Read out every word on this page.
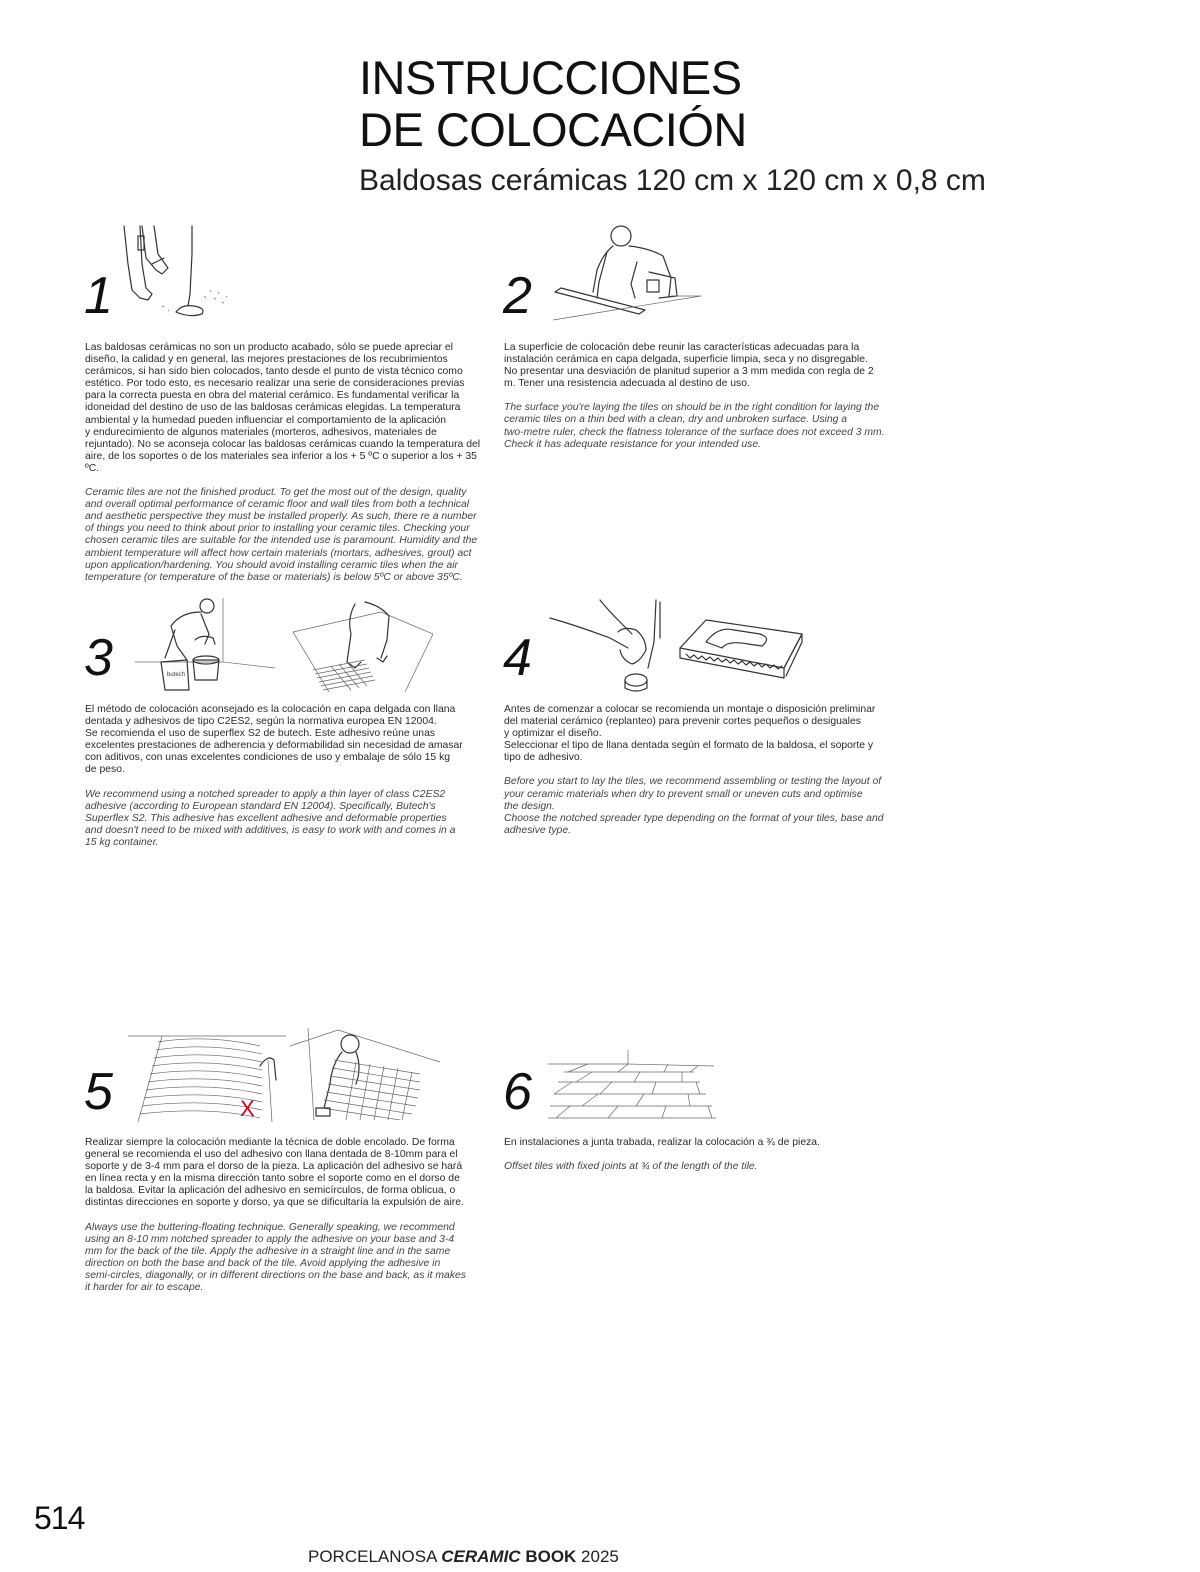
INSTRUCCIONES
DE COLOCACIÓN

Baldosas cerámicas 120 cm x 120 cm x 0,8 cm

1

Las baldosas cerámicas no son un producto acabado, sólo se puede apreciar el
diseño, la calidad y en general, las mejores prestaciones de los recubrimientos
cerámicos, si han sido bien colocados, tanto desde el punto de vista técnico como
estético. Por todo esto, es necesario realizar una serie de consideraciones previas
para la correcta puesta en obra del material cerámico. Es fundamental verificar la
idoneidad del destino de uso de las baldosas cerámicas elegidas. La temperatura
ambiental y la humedad pueden influenciar el comportamiento de la aplicación
y endurecimiento de algunos materiales (morteros, adhesivos, materiales de
rejuntado). No se aconseja colocar las baldosas cerámicas cuando la temperatura del
aire, de los soportes o de los materiales sea inferior a los + 5 ºC o superior a los + 35 ºC.

Ceramic tiles are not the finished product. To get the most out of the design, quality
and overall optimal performance of ceramic floor and wall tiles from both a technical
and aesthetic perspective they must be installed properly. As such, there re a number
of things you need to think about prior to installing your ceramic tiles. Checking your
chosen ceramic tiles are suitable for the intended use is paramount. Humidity and the
ambient temperature will affect how certain materials (mortars, adhesives, grout) act
upon application/hardening. You should avoid installing ceramic tiles when the air
temperature (or temperature of the base or materials) is below 5ºC or above 35ºC.

2

La superficie de colocación debe reunir las características adecuadas para la
instalación cerámica en capa delgada, superficie limpia, seca y no disgregable.
No presentar una desviación de planitud superior a 3 mm medida con regla de 2
m. Tener una resistencia adecuada al destino de uso.

The surface you're laying the tiles on should be in the right condition for laying the
ceramic tiles on a thin bed with a clean, dry and unbroken surface. Using a
two-metre ruler, check the flatness tolerance of the surface does not exceed 3 mm.
Check it has adequate resistance for your intended use.

3	butech

El método de colocación aconsejado es la colocación en capa delgada con llana
dentada y adhesivos de tipo C2ES2, según la normativa europea EN 12004.
Se recomienda el uso de superflex S2 de butech. Este adhesivo reúne unas
excelentes prestaciones de adherencia y deformabilidad sin necesidad de amasar
con aditivos, con unas excelentes condiciones de uso y embalaje de sólo 15 kg
de peso.

We recommend using a notched spreader to apply a thin layer of class C2ES2
adhesive (according to European standard EN 12004). Specifically, Butech's
Superflex S2. This adhesive has excellent adhesive and deformable properties
and doesn't need to be mixed with additives, is easy to work with and comes in a
15 kg container.

4

Antes de comenzar a colocar se recomienda un montaje o disposición preliminar
del material cerámico (replanteo) para prevenir cortes pequeños o desiguales
y optimizar el diseño.
Seleccionar el tipo de llana dentada según el formato de la baldosa, el soporte y
tipo de adhesivo.

Before you start to lay the tiles, we recommend assembling or testing the layout of
your ceramic materials when dry to prevent small or uneven cuts and optimise
the design.
Choose the notched spreader type depending on the format of your tiles, base and
adhesive type.

5	X

Realizar siempre la colocación mediante la técnica de doble encolado. De forma
general se recomienda el uso del adhesivo con llana dentada de 8-10mm para el
soporte y de 3-4 mm para el dorso de la pieza. La aplicación del adhesivo se hará
en línea recta y en la misma dirección tanto sobre el soporte como en el dorso de
la baldosa. Evitar la aplicación del adhesivo en semicírculos, de forma oblicua, o
distintas direcciones en soporte y dorso, ya que se dificultaría la expulsión de aire.

Always use the buttering-floating technique. Generally speaking, we recommend
using an 8-10 mm notched spreader to apply the adhesive on your base and 3-4
mm for the back of the tile. Apply the adhesive in a straight line and in the same
direction on both the base and back of the tile. Avoid applying the adhesive in
semi-circles, diagonally, or in different directions on the base and back, as it makes
it harder for air to escape.

6

En instalaciones a junta trabada, realizar la colocación a ¾ de pieza.

Offset tiles with fixed joints at ¾ of the length of the tile.

514
PORCELANOSA CERAMIC BOOK 2025
